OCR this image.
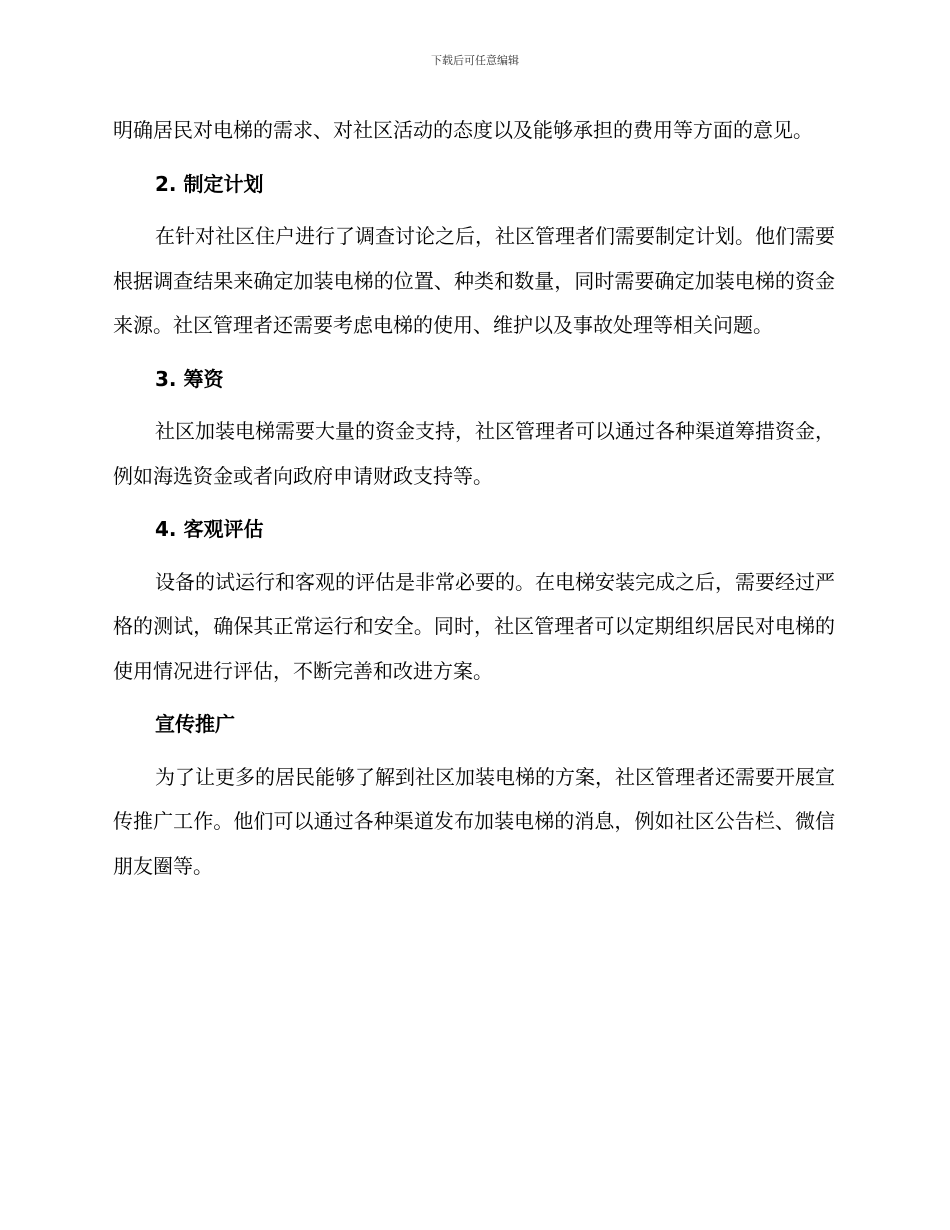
下载后可任意编辑

明确居民对电梯的需求、对社区活动的态度以及能够承担的费用等方面的意见。

2. 制定计划

在针对社区住户进行了调查讨论之后，社区管理者们需要制定计划。他们需要根据调查结果来确定加装电梯的位置、种类和数量，同时需要确定加装电梯的资金来源。社区管理者还需要考虑电梯的使用、维护以及事故处理等相关问题。

3. 筹资

社区加装电梯需要大量的资金支持，社区管理者可以通过各种渠道筹措资金，例如海选资金或者向政府申请财政支持等。

4. 客观评估

设备的试运行和客观的评估是非常必要的。在电梯安装完成之后，需要经过严格的测试，确保其正常运行和安全。同时，社区管理者可以定期组织居民对电梯的使用情况进行评估，不断完善和改进方案。

宣传推广

为了让更多的居民能够了解到社区加装电梯的方案，社区管理者还需要开展宣传推广工作。他们可以通过各种渠道发布加装电梯的消息，例如社区公告栏、微信朋友圈等。
